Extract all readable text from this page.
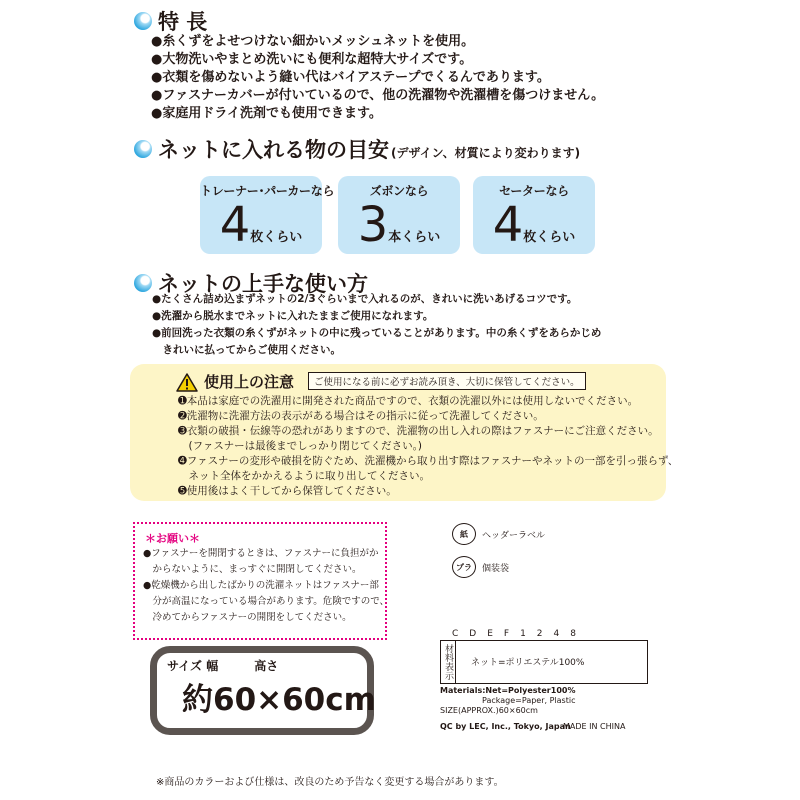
特 長
●糸くずをよせつけない細かいメッシュネットを使用。
●大物洗いやまとめ洗いにも便利な超特大サイズです。
●衣類を傷めないよう縫い代はバイアステープでくるんであります。
●ファスナーカバーが付いているので、他の洗濯物や洗濯槽を傷つけません。
●家庭用ドライ洗剤でも使用できます。
ネットに入れる物の目安 (デザイン、材質により変わります)
トレーナー･パーカーなら
4枚くらい
ズボンなら
3本くらい
セーターなら
4枚くらい
ネットの上手な使い方
●たくさん詰め込まずネットの2/3ぐらいまで入れるのが、きれいに洗いあげるコツです。
●洗濯から脱水までネットに入れたままご使用になれます。
●前回洗った衣類の糸くずがネットの中に残っていることがあります。中の糸くずをあらかじめ
　きれいに払ってからご使用ください。
使用上の注意	ご使用になる前に必ずお読み頂き、大切に保管してください。
➊本品は家庭での洗濯用に開発された商品ですので、衣類の洗濯以外には使用しないでください。
➋洗濯物に洗濯方法の表示がある場合はその指示に従って洗濯してください。
➌衣類の破損・伝線等の恐れがありますので、洗濯物の出し入れの際はファスナーにご注意ください。
　(ファスナーは最後までしっかり閉じてください。)
➍ファスナーの変形や破損を防ぐため、洗濯機から取り出す際はファスナーやネットの一部を引っ張らず、
　ネット全体をかかえるように取り出してください。
➎使用後はよく干してから保管してください。
＊お願い＊
●ファスナーを開閉するときは、ファスナーに負担がか
　からないように、まっすぐに開閉してください。
●乾燥機から出したばかりの洗濯ネットはファスナー部
　分が高温になっている場合があります。危険ですので、
　冷めてからファスナーの開閉をしてください。
サイズ 幅　　　高さ
約60×60cm
紙	ヘッダーラベル
プラ	個装袋
C　D　E　F　1　2　4　8
材料表示	ネット=ポリエステル100%
Materials:Net=Polyester100%
Package=Paper, Plastic
SIZE(APPROX.)60×60cm
QC by LEC, Inc., Tokyo, Japan
MADE IN CHINA
※商品のカラーおよび仕様は、改良のため予告なく変更する場合があります。
